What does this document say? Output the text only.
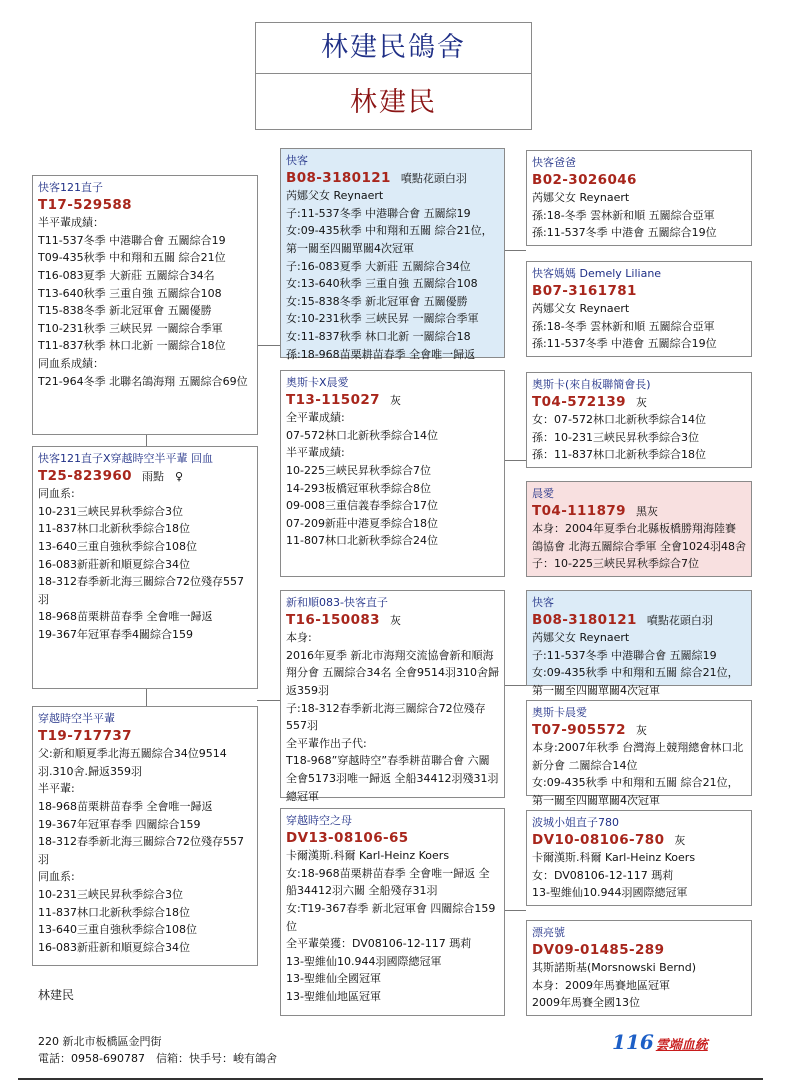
林建民鴿舍
林建民
快客121直子
T17-529588
半平輩成績：
T11-537冬季 中港聯合會 五關綜合19
T09-435秋季 中和翔和五關 綜合21位
T16-083夏季 大新莊 五關綜合34名
T13-640秋季 三重自強 五關綜合108
T15-838冬季 新北冠軍會 五關優勝
T10-231秋季 三峽民昇 一關綜合季軍
T11-837秋季 林口北新 一關綜合18位
同血系成績：
T21-964冬季 北聯名鴿海翔 五關綜合69位
快客121直子X穿越時空半平輩 回血
T25-823960 雨點　♀
同血系:
10-231三峽民昇秋季綜合3位
11-837林口北新秋季綜合18位
13-640三重自強秋季綜合108位
16-083新莊新和順夏綜合34位
18-312春季新北海三關綜合72位殘存557羽
18-968苗栗耕苗春季 全會唯一歸返
19-367年冠軍春季4關綜合159
穿越時空半平輩
T19-717737
父:新和順夏季北海五關綜合34位9514羽.310舍.歸返359羽
半平輩:
18-968苗栗耕苗春季 全會唯一歸返
19-367年冠軍春季 四關綜合159
18-312春季新北海三關綜合72位殘存557羽
同血系:
10-231三峽民昇秋季綜合3位
11-837林口北新秋季綜合18位
13-640三重自強秋季綜合108位
16-083新莊新和順夏綜合34位
快客
B08-3180121 噴點花頭白羽
芮娜父女 Reynaert
子:11-537冬季 中港聯合會 五關綜19
女:09-435秋季 中和翔和五關 綜合21位，第一關至四關單關4次冠軍
子:16-083夏季 大新莊 五關綜合34位
女:13-640秋季 三重自強 五關綜合108
女:15-838冬季 新北冠軍會 五關優勝
女:10-231秋季 三峽民昇 一關綜合季軍
女:11-837秋季 林口北新 一關綜合18
孫:18-968苗栗耕苗春季 全會唯一歸返
奧斯卡X晨愛
T13-115027 灰
全平輩成績:
07-572林口北新秋季綜合14位
半平輩成績:
10-225三峽民昇秋季綜合7位
14-293板橋冠軍秋季綜合8位
09-008三重信義春季綜合17位
07-209新莊中港夏季綜合18位
11-807林口北新秋季綜合24位
新和順083-快客直子
T16-150083 灰
本身:
2016年夏季 新北市海翔交流協會新和順海翔分會 五關綜合34名 全會9514羽310舍歸返359羽
子:18-312春季新北海三關綜合72位殘存557羽
全平輩作出子代:
T18-968”穿越時空”春季耕苗聯合會 六關全會5173羽唯一歸返 全船34412羽殘31羽總冠軍
穿越時空之母
DV13-08106-65
卡爾漢斯.科爾 Karl-Heinz Koers
女:18-968苗栗耕苗春季 全會唯一歸返 全船34412羽六關 全船殘存31羽
女:T19-367春季 新北冠軍會 四關綜合159位
全平輩榮獲：DV08106-12-117 瑪莉
13-聖維仙10.944羽國際總冠軍
13-聖維仙全國冠軍
13-聖維仙地區冠軍
快客爸爸
B02-3026046
芮娜父女 Reynaert
孫:18-冬季 雲林新和順 五關綜合亞軍
孫:11-537冬季 中港會 五關綜合19位
快客媽媽 Demely Liliane
B07-3161781
芮娜父女 Reynaert
孫:18-冬季 雲林新和順 五關綜合亞軍
孫:11-537冬季 中港會 五關綜合19位
奧斯卡(來自板聯簡會長)
T04-572139 灰
女：07-572林口北新秋季綜合14位
孫：10-231三峽民昇秋季綜合3位
孫：11-837林口北新秋季綜合18位
晨愛
T04-111879 黑灰
本身：2004年夏季台北縣板橋勝翔海陸賽鴿協會 北海五關綜合季軍 全會1024羽48舍
子：10-225三峽民昇秋季綜合7位
快客
B08-3180121 噴點花頭白羽
芮娜父女 Reynaert
子:11-537冬季 中港聯合會 五關綜19
女:09-435秋季 中和翔和五關 綜合21位，第一關至四關單關4次冠軍
奧斯卡晨愛
T07-905572 灰
本身:2007年秋季 台灣海上競翔總會林口北新分會 二關綜合14位
女:09-435秋季 中和翔和五關 綜合21位，第一關至四關單關4次冠軍
波城小姐直子780
DV10-08106-780 灰
卡爾漢斯.科爾 Karl-Heinz Koers
女：DV08106-12-117 瑪莉
13-聖維仙10.944羽國際總冠軍
漂亮號
DV09-01485-289
其斯諾斯基(Morsnowski Bernd)
本身：2009年馬賽地區冠軍
2009年馬賽全國13位
林建民
220 新北市板橋區金門街
電話：0958-690787　信箱：快手号：峻有鴿舍
116 雲端血統
